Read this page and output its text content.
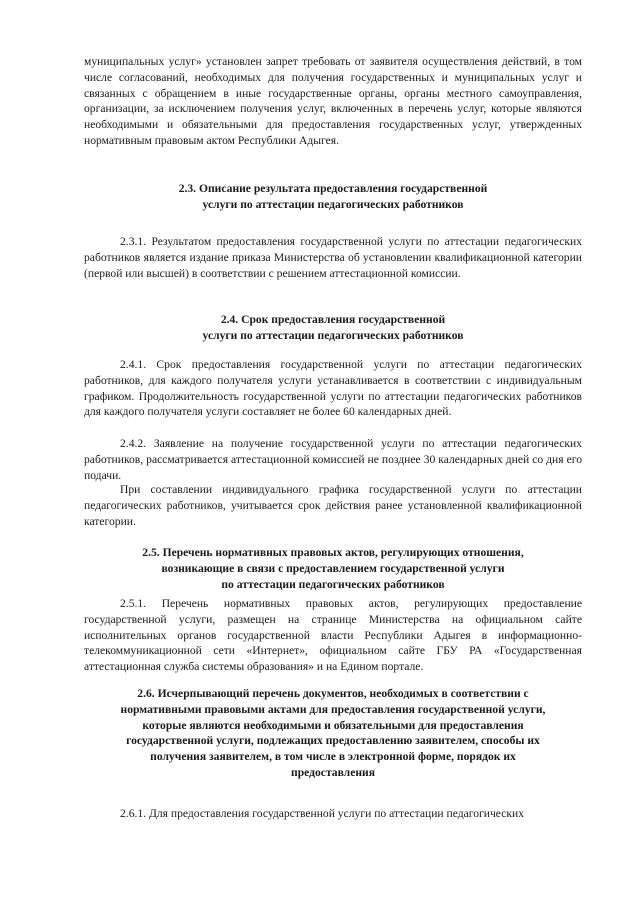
муниципальных услуг» установлен запрет требовать от заявителя осуществления действий, в том числе согласований, необходимых для получения государственных и муниципальных услуг и связанных с обращением в иные государственные органы, органы местного самоуправления, организации, за исключением получения услуг, включенных в перечень услуг, которые являются необходимыми и обязательными для предоставления государственных услуг, утвержденных нормативным правовым актом Республики Адыгея.

2.3. Описание результата предоставления государственной
услуги по аттестации педагогических работников

2.3.1. Результатом предоставления государственной услуги по аттестации педагогических работников является издание приказа Министерства об установлении квалификационной категории (первой или высшей) в соответствии с решением аттестационной комиссии.

2.4. Срок предоставления государственной
услуги по аттестации педагогических работников

2.4.1. Срок предоставления государственной услуги по аттестации педагогических работников, для каждого получателя услуги устанавливается в соответствии с индивидуальным графиком. Продолжительность государственной услуги по аттестации педагогических работников для каждого получателя услуги составляет не более 60 календарных дней.

2.4.2. Заявление на получение государственной услуги по аттестации педагогических работников, рассматривается аттестационной комиссией не позднее 30 календарных дней со дня его подачи.

При составлении индивидуального графика государственной услуги по аттестации педагогических работников, учитывается срок действия ранее установленной квалификационной категории.

2.5. Перечень нормативных правовых актов, регулирующих отношения,
возникающие в связи с предоставлением государственной услуги
по аттестации педагогических работников

2.5.1. Перечень нормативных правовых актов, регулирующих предоставление государственной услуги, размещен на странице Министерства на официальном сайте исполнительных органов государственной власти Республики Адыгея в информационно-телекоммуникационной сети «Интернет», официальном сайте ГБУ РА «Государственная аттестационная служба системы образования» и на Едином портале.

2.6. Исчерпывающий перечень документов, необходимых в соответствии с
нормативными правовыми актами для предоставления государственной услуги,
которые являются необходимыми и обязательными для предоставления
государственной услуги, подлежащих предоставлению заявителем, способы их
получения заявителем, в том числе в электронной форме, порядок их
предоставления

2.6.1. Для предоставления государственной услуги по аттестации педагогических
